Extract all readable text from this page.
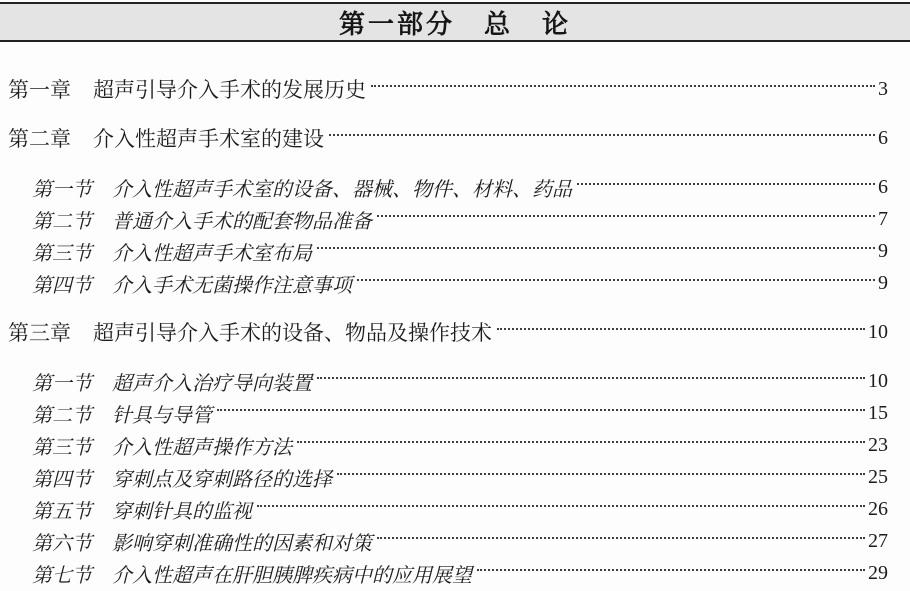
第一部分　总　论
第一章 超声引导介入手术的发展历史	3
第二章 介入性超声手术室的建设	6
第一节 介入性超声手术室的设备、器械、物件、材料、药品	6
第二节 普通介入手术的配套物品准备	7
第三节 介入性超声手术室布局	9
第四节 介入手术无菌操作注意事项	9
第三章 超声引导介入手术的设备、物品及操作技术	10
第一节 超声介入治疗导向装置	10
第二节 针具与导管	15
第三节 介入性超声操作方法	23
第四节 穿刺点及穿刺路径的选择	25
第五节 穿刺针具的监视	26
第六节 影响穿刺准确性的因素和对策	27
第七节 介入性超声在肝胆胰脾疾病中的应用展望	29
